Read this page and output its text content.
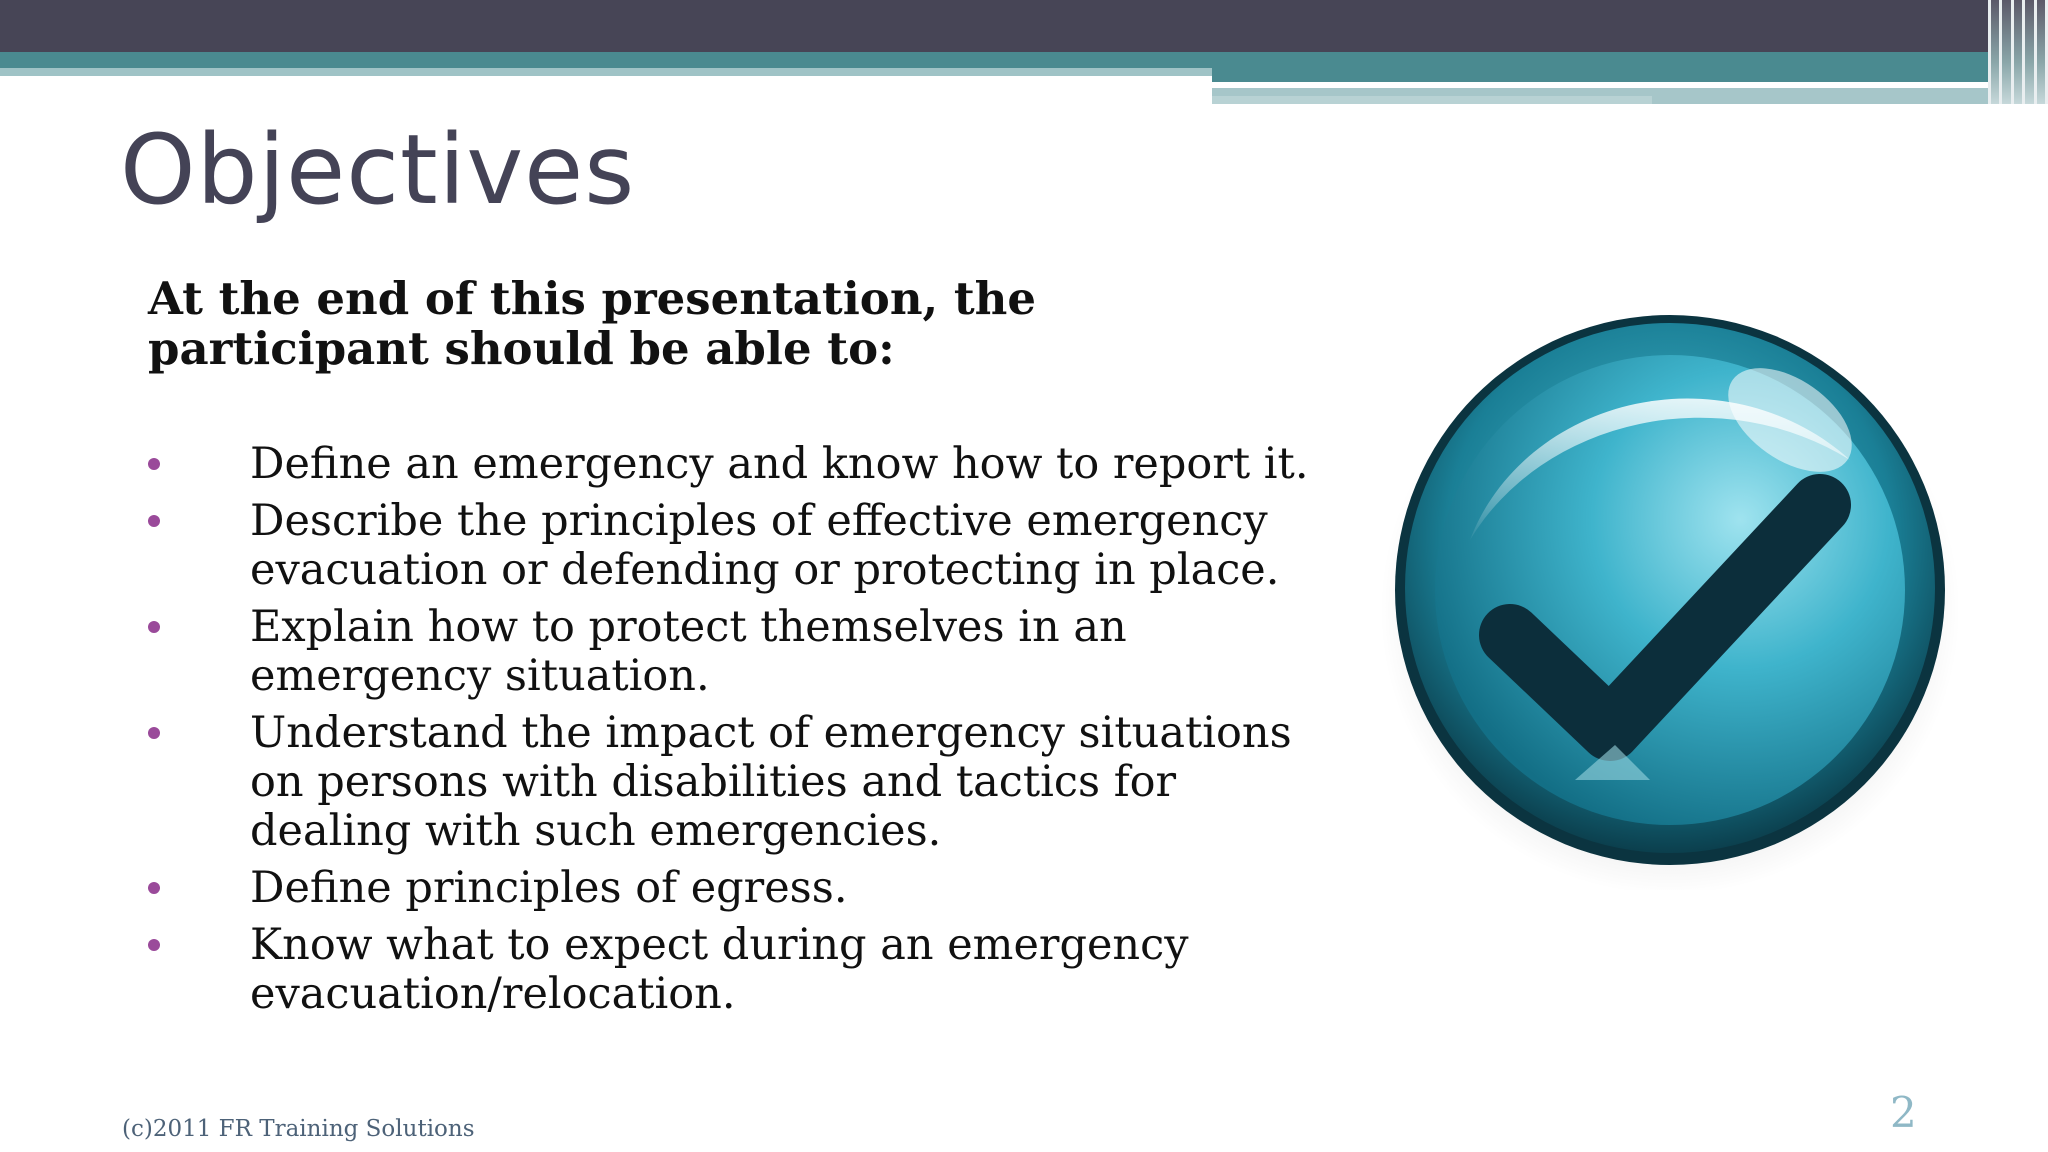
Objectives

At the end of this presentation, the participant should be able to:

Define an emergency and know how to report it.
Describe the principles of effective emergency evacuation or defending or protecting in place.
Explain how to protect themselves in an emergency situation.
Understand the impact of emergency situations on persons with disabilities and tactics for dealing with such emergencies.
Define principles of egress.
Know what to expect during an emergency evacuation/relocation.
(c)2011 FR Training Solutions	2
